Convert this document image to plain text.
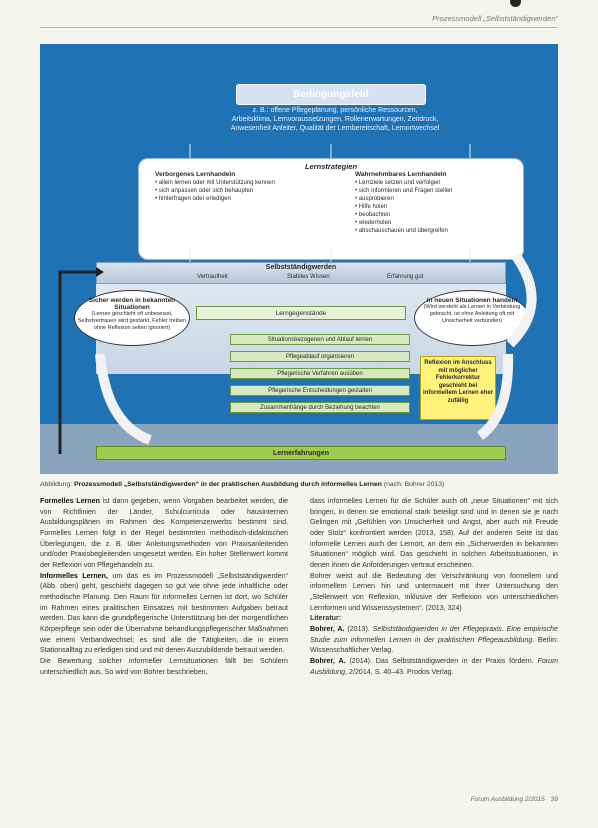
Prozessmodell „Selbstständigwerden“
Bedingungsfeld
z. B.: offene Pflegeplanung, persönliche Ressourcen,
Arbeitsklima, Lernvoraussetzungen, Rollenerwartungen, Zeitdruck,
Anwesenheit Anleiter, Qualität der Lernbereitschaft, Lernortwechsel
Lernstrategien
Verborgenes Lernhandeln
• allein lernen oder mit Unterstützung kennen
• sich anpassen oder sich behaupten
• hinterfragen oder erledigen
Wahrnehmbares Lernhandeln
• Lernziele setzen und verfolgen
• sich informieren und Fragen stellen
• ausprobieren
• Hilfe holen
• beobachten
• wiederholen
• abschauschauen und übergreifen
Selbstständigwerden
Vertrautheit	Stabiles Wissen	Erfahrung gut
Sicher werden in bekannten Situationen
(Lernen geschieht oft unbewusst, Selbstvertrauen wird gestärkt, Fehler treiben ohne Reflexion selten ignoriert)
in neuen Situationen handeln
(Wird versteht als Lernen in Verbindung gebracht, ist ohne Anleitung oft mit Unsicherheit verbunden)
Lerngegenstände
Situationsbezogenen und Ablauf lernen
Pflegeablauf organisieren
Pflegerische Verfahren ausüben
Pflegerische Entscheidungen gestalten
Zusammenhänge durch Beziehung beachten
Reflexion im Anschluss mit möglicher Fehlerkorrektur geschieht bei informellem Lernen eher zufällig
Lernerfahrungen
Abbildung: Prozessmodell „Selbstständigwerden“ in der praktischen Ausbildung durch informelles Lernen (nach: Bohrer 2013)

Formelles Lernen ist dann gegeben, wenn Vorgaben bearbeitet werden, die von Richtlinien der Länder, Schulcurricula oder hausinternen Ausbildungsplänen im Rahmen des Kompetenzerwerbs bestimmt sind. Formelles Lernen folgt in der Regel bestimmten methodisch-didaktischen Überlegungen, die z. B. über Anleitungsmethoden von Praxisanleitenden und/oder Praxisbegleitenden umgesetzt werden. Ein hoher Stellenwert kommt der Reflexion von Pflegehandeln zu.

Informelles Lernen, um das es im Prozessmodell „Selbstständigwerden“ (Abb. oben) geht, geschieht dagegen so gut wie ohne jede inhaltliche oder methodische Planung. Den Raum für informelles Lernen ist dort, wo Schüler im Rahmen eines praktischen Einsatzes mit bestimmten Aufgaben betraut werden. Das kann die grundpflegerische Unterstützung bei der morgendlichen Körperpflege sein oder die Übernahme behandlungspflegerischer Maßnahmen wie einem Verbandwechsel; es sind alle die Tätigkeiten, die in einem Stationsalltag zu erledigen sind und mit denen Auszubildende betraut werden.

Die Bewertung solcher informeller Lernsituationen fällt bei Schülern unterschiedlich aus. So wird von Bohrer beschrieben,

dass informelles Lernen für die Schüler auch oft „neue Situationen“ mit sich bringen, in denen sie emotional stark beteiligt sind und in denen sie je nach Gelingen mit „Gefühlen von Unsicherheit und Angst, aber auch mit Freude oder Stolz“ konfrontiert werden (2013, 158). Auf der anderen Seite ist das informelle Lernen auch der Lernort, an dem ein „Sicherwerden in bekannten Situationen“ möglich wird. Das geschieht in solchen Arbeitssituationen, in denen ihnen die Anforderungen vertraut erscheinen.

Bohrer weist auf die Bedeutung der Verschränkung von formellem und informellem Lernen hin und untermauert mit ihrer Untersuchung den „Stellenwert von Reflexion, inklusive der Reflexion von unterschiedlichen Lernformen und Wissenssystemen“. (2013, 324)

Literatur:

Bohrer, A. (2013). Selbstständigwerden in der Pflegepraxis. Eine empirische Studie zum informellen Lernen in der praktischen Pflegeausbildung. Berlin: Wissenschaftlicher Verlag.

Bohrer, A. (2014). Das Selbstständigwerden in der Praxis fördern. Forum Ausbildung, 2/2014, S. 40–43. Prodos Verlag.

Forum Ausbildung 2/2015 39
